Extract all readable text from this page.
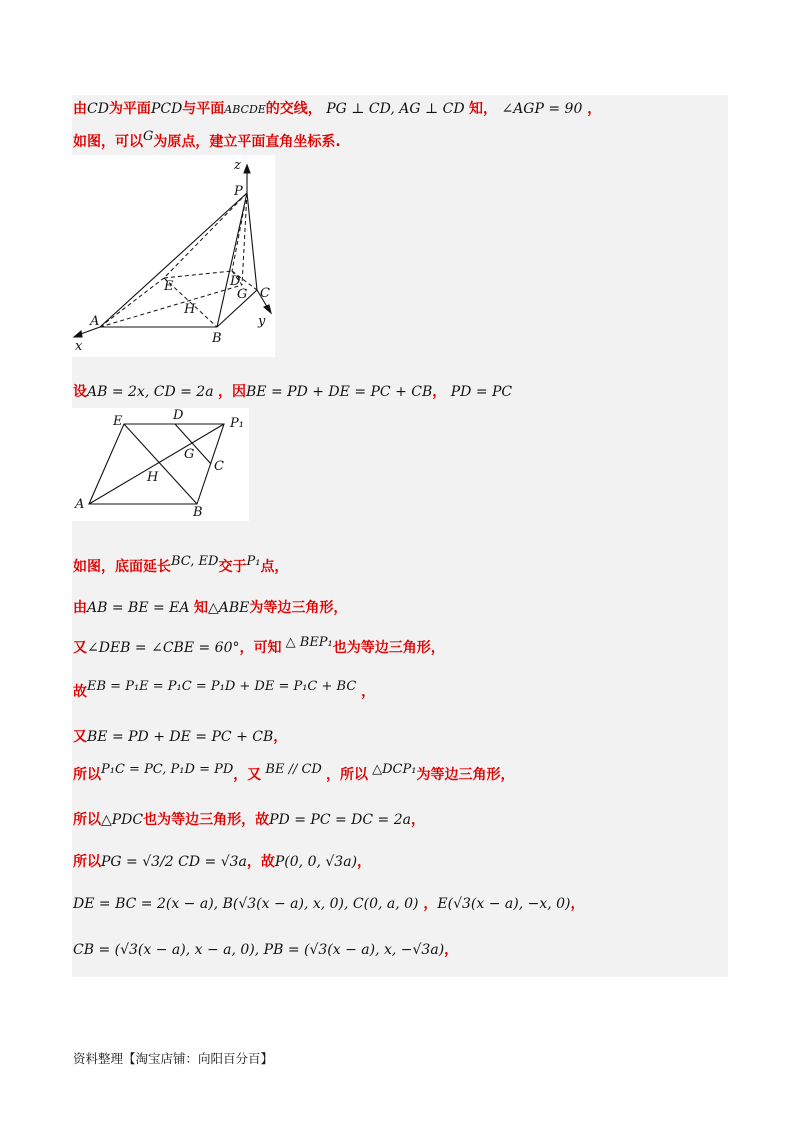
由CD为平面PCD与平面ABCDE的交线， PG ⊥ CD, AG ⊥ CD 知， ∠AGP = 90 ，
如图，可以G为原点，建立平面直角坐标系.
设AB = 2x, CD = 2a ，因BE = PD + DE = PC + CB， PD = PC
如图，底面延长BC, ED交于P₁点，
由AB = BE = EA 知△ABE为等边三角形，
又∠DEB = ∠CBE = 60°，可知 △ BEP₁也为等边三角形，
故EB = P₁E = P₁C = P₁D + DE = P₁C + BC ，
又BE = PD + DE = PC + CB，
所以P₁C = PC, P₁D = PD，又 BE // CD ，所以 △DCP₁为等边三角形，
所以△PDC也为等边三角形，故PD = PC = DC = 2a，
所以PG = √3/2 CD = √3a，故P(0, 0, √3a)，
DE = BC = 2(x − a), B(√3(x − a), x, 0), C(0, a, 0) ，E(√3(x − a), −x, 0)，
CB = (√3(x − a), x − a, 0), PB = (√3(x − a), x, −√3a)，
z
P
E	D
G C
H
A
B
x
y
E	D
P₁
G
C
H
A
B
资料整理【淘宝店铺：向阳百分百】
